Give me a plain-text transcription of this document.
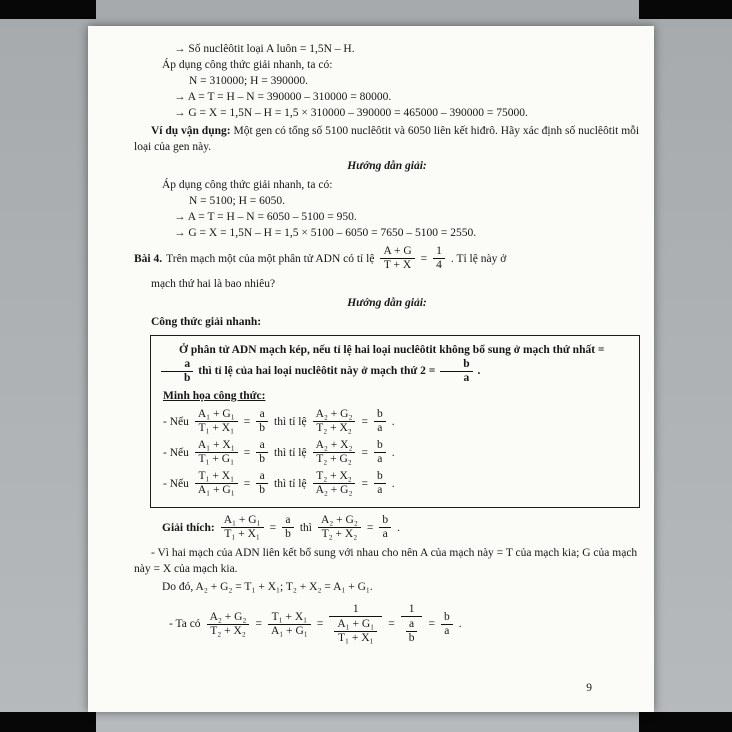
→ Số nuclêôtit loại A luôn = 1,5N – H.
Áp dụng công thức giải nhanh, ta có:
N = 310000; H = 390000.
→ A = T = H – N = 390000 – 310000 = 80000.
→ G = X = 1,5N – H = 1,5 × 310000 – 390000 = 465000 – 390000 = 75000.

Ví dụ vận dụng: Một gen có tổng số 5100 nuclêôtit và 6050 liên kết hiđrô. Hãy xác định số nuclêôtit mỗi loại của gen này.

Hướng dẫn giải:
Áp dụng công thức giải nhanh, ta có:
N = 5100; H = 6050.
→ A = T = H – N = 6050 – 5100 = 950.
→ G = X = 1,5N – H = 1,5 × 5100 – 6050 = 7650 – 5100 = 2550.
Bài 4. Trên mạch một của một phân tử ADN có tỉ lệ $\frac{A + G}{T + X} = \frac{1}{4}$ . Tỉ lệ này ở
mạch thứ hai là bao nhiêu?
Hướng dẫn giải:
Công thức giải nhanh:

Ở phân tử ADN mạch kép, nếu tỉ lệ hai loại nuclêôtit không bổ sung ở mạch thứ nhất =
$\frac{a}{b}$ thì tỉ lệ của hai loại nuclêôtit này ở mạch thứ $2 = \frac{b}{a}$ .

Minh họa công thức:
- Nếu $\frac{\text{A₁ + G₁}}{\text{T₁ + X₁}} = \frac{a}{b}$ thì tỉ lệ $\frac{\text{A₂ + G₂}}{\text{T₂ + X₂}} = \frac{b}{a}$ .
- Nếu $\frac{\text{A₁ + X₁}}{\text{T₁ + G₁}} = \frac{a}{b}$ thì tỉ lệ $\frac{\text{A₂ + X₂}}{\text{T₂ + G₂}} = \frac{b}{a}$ .
- Nếu $\frac{\text{T₁ + X₁}}{\text{A₁ + G₁}} = \frac{a}{b}$ thì tỉ lệ $\frac{\text{T₂ + X₂}}{\text{A₂ + G₂}} = \frac{b}{a}$ .
Giải thích: $\frac{\text{A₁ + G₁}}{\text{T₁ + X₁}} = \frac{a}{b}$ thì $\frac{\text{A₂ + G₂}}{\text{T₂ + X₂}} = \frac{b}{a}$ .

- Vì hai mạch của ADN liên kết bổ sung với nhau cho nên A của mạch này = T của mạch kia; G của mạch này = X của mạch kia.

Do đó, A₂ + G₂ = T₁ + X₁; T₂ + X₂ = A₁ + G₁.
- Ta có $\frac{\text{A₂ + G₂}}{\text{T₂ + X₂}} = \frac{\text{T₁ + X₁}}{\text{A₁ + G₁}} = \frac{1}{\frac{\text{A₁ + G₁}}{\text{T₁ + X₁}}} = \frac{1}{\frac{a}{b}} = \frac{b}{a}$ .
9
